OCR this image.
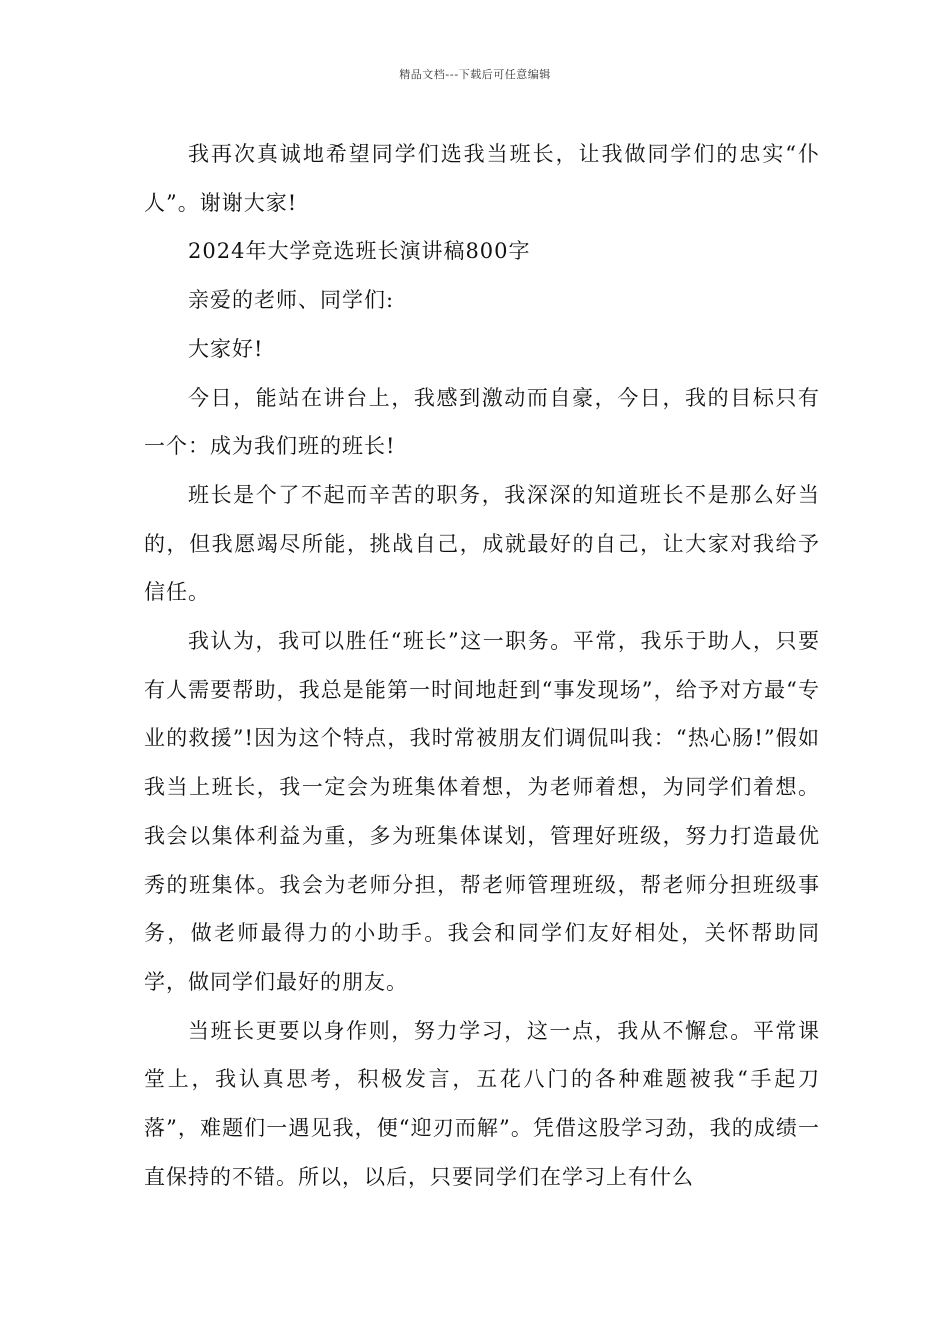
精品文档---下载后可任意编辑

我再次真诚地希望同学们选我当班长，让我做同学们的忠实“仆人”。谢谢大家!

2024年大学竞选班长演讲稿800字

亲爱的老师、同学们:

大家好!

今日，能站在讲台上，我感到激动而自豪，今日，我的目标只有一个：成为我们班的班长!

班长是个了不起而辛苦的职务，我深深的知道班长不是那么好当的，但我愿竭尽所能，挑战自己，成就最好的自己，让大家对我给予信任。

我认为，我可以胜任“班长”这一职务。平常，我乐于助人，只要有人需要帮助，我总是能第一时间地赶到“事发现场”，给予对方最“专业的救援”!因为这个特点，我时常被朋友们调侃叫我：“热心肠!”假如我当上班长，我一定会为班集体着想，为老师着想，为同学们着想。我会以集体利益为重，多为班集体谋划，管理好班级，努力打造最优秀的班集体。我会为老师分担，帮老师管理班级，帮老师分担班级事务，做老师最得力的小助手。我会和同学们友好相处，关怀帮助同学，做同学们最好的朋友。

当班长更要以身作则，努力学习，这一点，我从不懈怠。平常课堂上，我认真思考，积极发言，五花八门的各种难题被我“手起刀落”，难题们一遇见我，便“迎刃而解”。凭借这股学习劲，我的成绩一直保持的不错。所以，以后，只要同学们在学习上有什么
